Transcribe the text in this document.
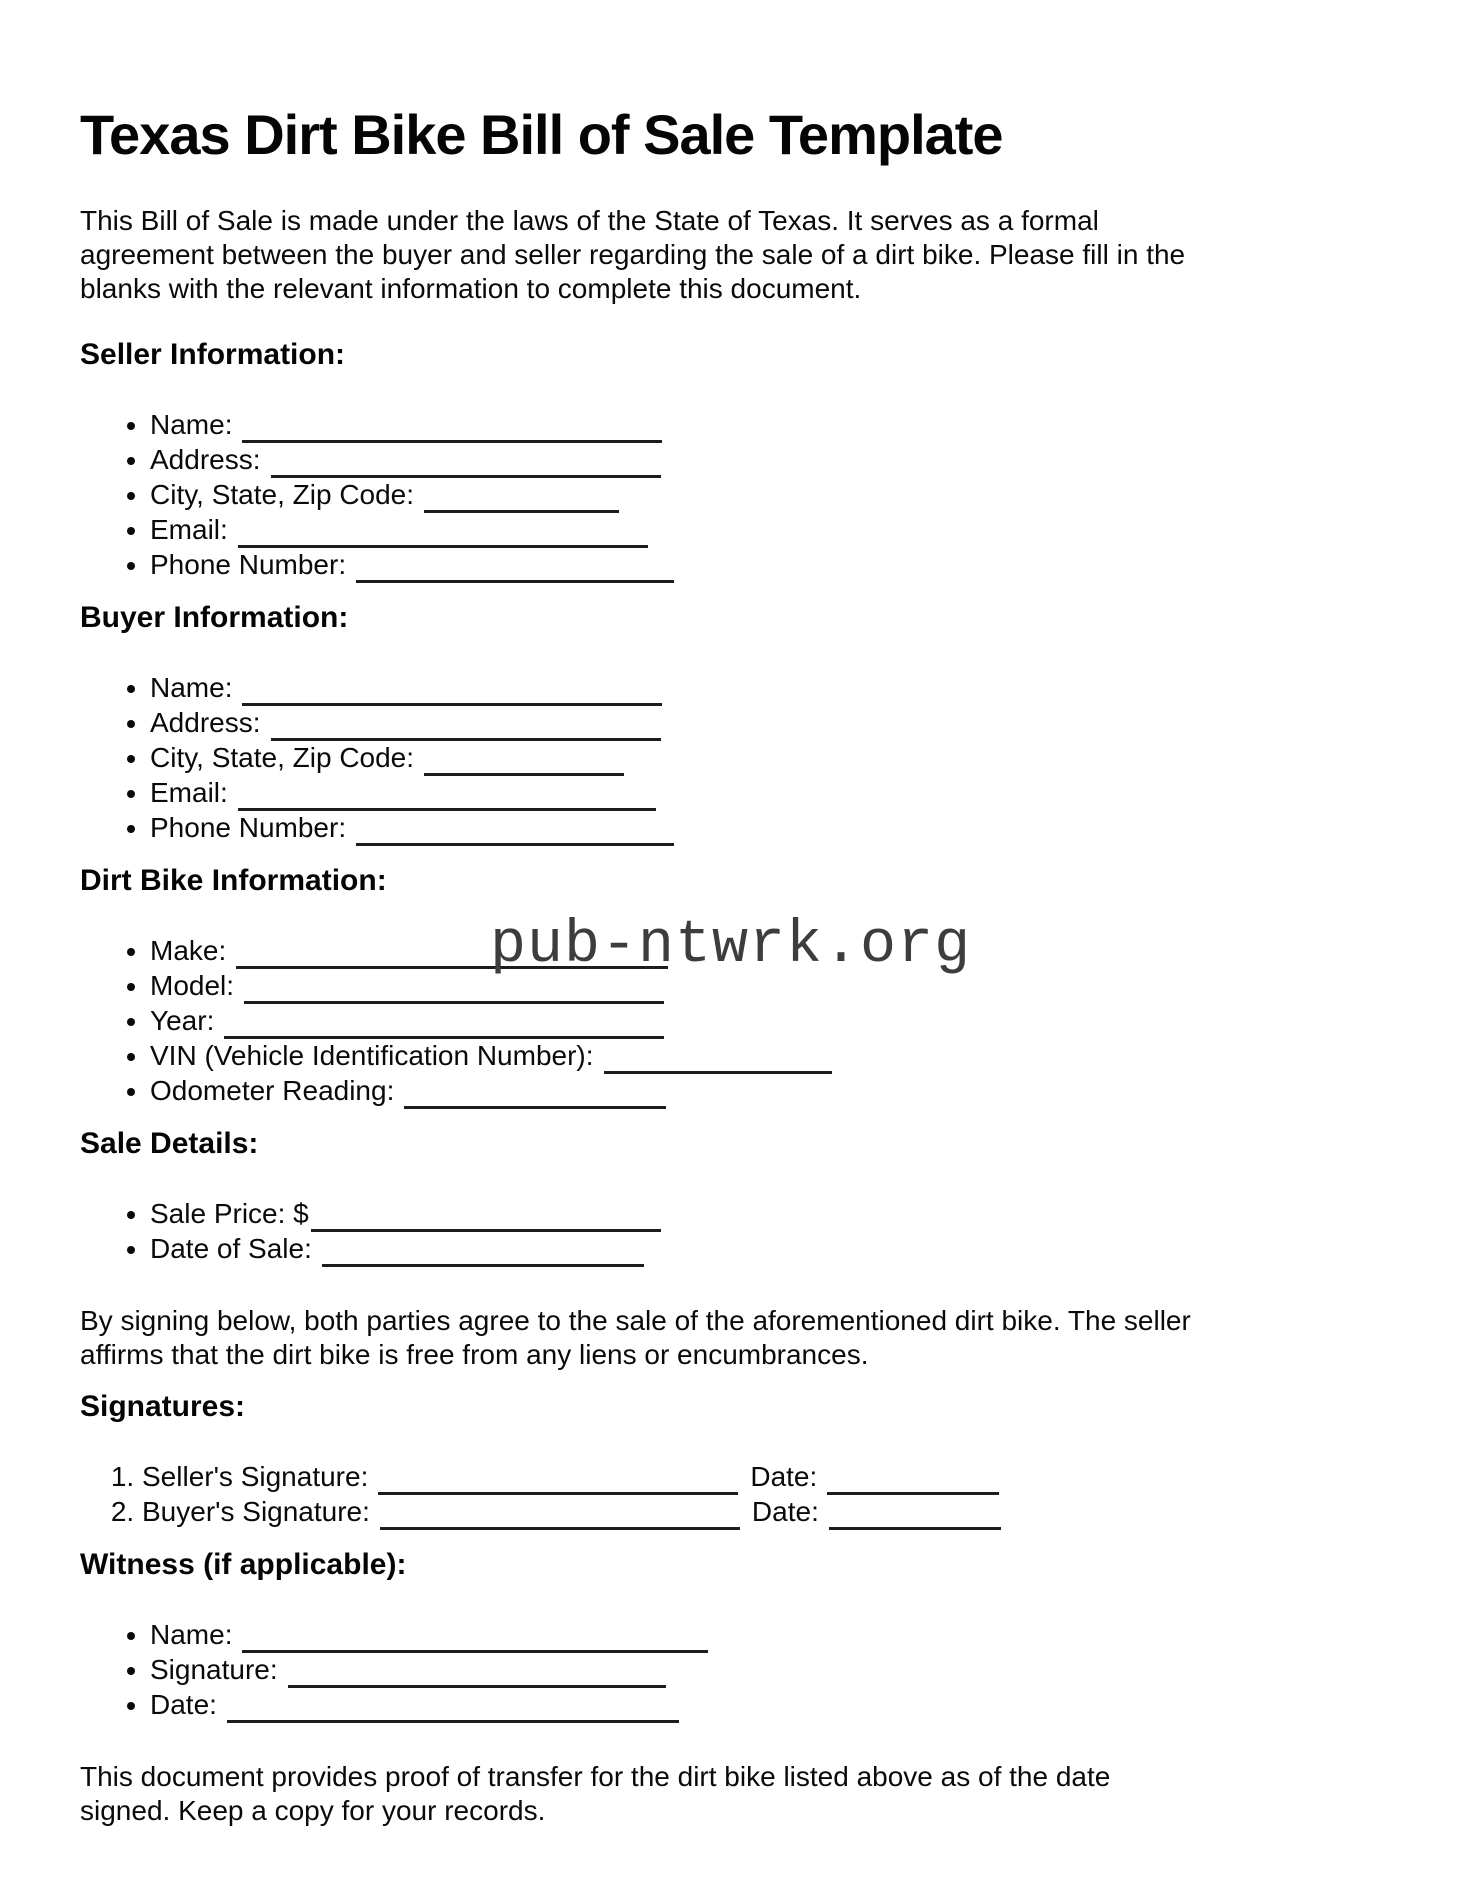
pub-ntwrk.org
Texas Dirt Bike Bill of Sale Template

This Bill of Sale is made under the laws of the State of Texas. It serves as a formal
agreement between the buyer and seller regarding the sale of a dirt bike. Please fill in the
blanks with the relevant information to complete this document.

Seller Information:
• Name:
• Address:
• City, State, Zip Code:
• Email:
• Phone Number:
Buyer Information:
• Name:
• Address:
• City, State, Zip Code:
• Email:
• Phone Number:
Dirt Bike Information:
• Make:
• Model:
• Year:
• VIN (Vehicle Identification Number):
• Odometer Reading:
Sale Details:
• Sale Price: $
• Date of Sale:

By signing below, both parties agree to the sale of the aforementioned dirt bike. The seller
affirms that the dirt bike is free from any liens or encumbrances.

Signatures:
1. Seller's Signature:	Date:
2. Buyer's Signature:	Date:
Witness (if applicable):
• Name:
• Signature:
• Date:

This document provides proof of transfer for the dirt bike listed above as of the date
signed. Keep a copy for your records.
